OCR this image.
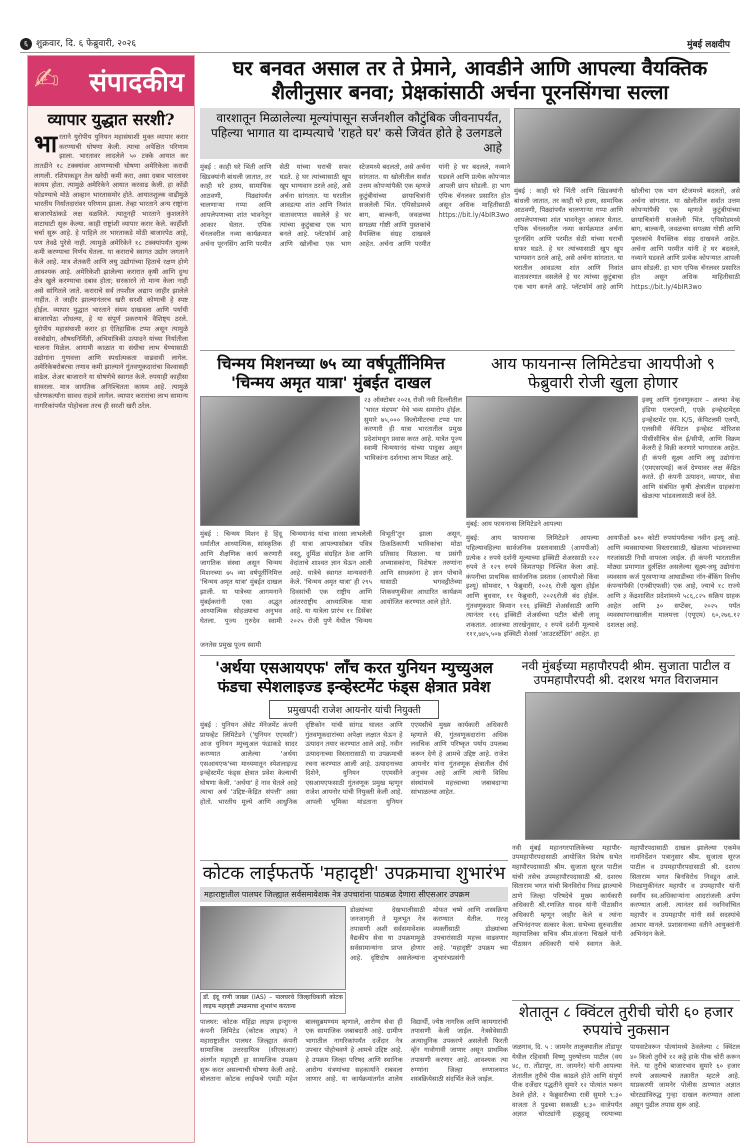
६ शुक्रवार, दि. ६ फेब्रुवारी, २०२६	मुंबई लक्षदीप
✍ संपादकीय
व्यापार युद्धात सरशी?
भारताने युरोपीय युनियन महासंघाशी मुक्त व्यापार करार करण्याची घोषणा केली. त्याचा अपेक्षित परिणाम झाला. भारतावर लादलेले ५० टक्के आयात कर तातडीने १८ टक्क्यांवर आणण्याची घोषणा अमेरिकेला करावी लागली. रशियाकडून तेल खरेदी कमी करा, असा दबाव भारतावर कायम होता. त्यामुळे अमेरिकेने आयात करवाढ केली. हा कोंडी फोडण्याचे मोठे आव्हान भारतासमोर होते. आयातशुल्क वाढीमुळे भारतीय निर्यातदारांवर परिणाम झाला. तेव्हा भारताने अन्य राष्ट्रांना बाजारपेठांकडे लक्ष वळविले. त्यातूनही भारताने कुशलतेने वाटाघाटी सुरू केल्या. काही राष्ट्रांशी व्यापार करार केले. काहींशी चर्चा सुरू आहे. हे पाहिले तर भारताकडे मोठी बाजारपेठ आहे, पण तेवढे पुरेसे नाही. त्यामुळे अमेरिकेने १८ टक्क्यांपर्यंत शुल्क कमी करण्याचा निर्णय घेतला. या कराराचे स्वागत उद्योग जगताने केले आहे. मात्र शेतकरी आणि लघु उद्योगांच्या हिताचे रक्षण होणे आवश्यक आहे. अमेरिकेशी झालेल्या करारात कृषी आणि दुग्ध क्षेत्र खुले करण्याचा दबाव होता; सरकारने तो मान्य केला नाही असे सांगितले जाते. कराराचे सर्व तपशील अद्याप जाहीर झालेले नाहीत. ते जाहीर झाल्यानंतरच खरी सरशी कोणाची हे स्पष्ट होईल. व्यापार युद्धात भारताने संयम दाखवला आणि पर्यायी बाजारपेठा शोधल्या, हे या संपूर्ण प्रकरणाचे वैशिष्ट्य ठरले. युरोपीय महासंघाशी करार हा ऐतिहासिक टप्पा असून त्यामुळे वस्त्रोद्योग, औषधनिर्मिती, अभियांत्रिकी उत्पादने यांच्या निर्यातीला चालना मिळेल. आगामी काळात या संधीचा लाभ घेण्यासाठी उद्योगांना गुणवत्ता आणि स्पर्धात्मकता वाढवावी लागेल. अमेरिकेबरोबरचा तणाव कमी झाल्याने गुंतवणूकदारांचा विश्वासही वाढेल. शेअर बाजाराने या घोषणेचे स्वागत केले. रुपयाही काहीसा सावरला. मात्र जागतिक अनिश्चितता कायम आहे. त्यामुळे धोरणकर्त्यांना सावध राहावे लागेल. व्यापार करारांचा लाभ सामान्य नागरिकांपर्यंत पोहोचला तरच ही सरशी खरी ठरेल.
घर बनवत असाल तर ते प्रेमाने, आवडीने आणि आपल्या वैयक्तिक शैलीनुसार बनवा; प्रेक्षकांसाठी अर्चना पूरनसिंगचा सल्ला
वारशातून मिळालेल्या मूल्यांपासून सर्जनशील कौटुंबिक जीवनापर्यंत, पहिल्या भागात या दाम्पत्याचे 'राहते घर' कसे जिवंत होते हे उलगडले आहे
मुंबई : काही घरे भिंती आणि खिडक्यांनी बांधली जातात, तर काही घरे हास्य, सामायिक आठवणी, पिढ्यांपर्यंत चालणाऱ्या गप्पा आणि आपलेपणाच्या शांत भावनेतून आकार घेतात. एपिक चॅनलवरील नव्या कार्यक्रमात अर्चना पूरनसिंग आणि परमीत सेठी यांच्या घराची सफर घडते. हे घर त्यांच्यासाठी खूप खूप भाग्यवान ठरले आहे, असे अर्चना सांगतात. या घरातील आवडत्या शांत आणि निवांत वातावरणात वसलेले हे घर त्यांच्या कुटुंबाचा एक भाग बनले आहे. प्लॅटफॉर्म आहे आणि खोलीचा एक भाग स्टेजमध्ये बदलतो, असे अर्चना सांगतात. या खोलीतील सर्वात उत्तम कोपऱ्यांपैकी एक म्हणजे कुटुंबीयांच्या छायाचित्रांनी सजलेली भिंत. एपिसोडमध्ये बाग, बाल्कनी, जवळच्या सगळ्या गोष्टी आणि पुस्तकांचे वैयक्तिक संग्रह दाखवले आहेत. अर्चना आणि परमीत यांनी हे घर बदलले, नव्याने घडवले आणि प्रत्येक कोपऱ्यात आपली छाप सोडली. हा भाग एपिक चॅनलवर प्रसारित होत असून अधिक माहितीसाठी https://bit.ly/4bIR3wo
मुंबई : काही घरे भिंती आणि खिडक्यांनी बांधली जातात, तर काही घरे हास्य, सामायिक आठवणी, पिढ्यांपर्यंत चालणाऱ्या गप्पा आणि आपलेपणाच्या शांत भावनेतून आकार घेतात. एपिक चॅनलवरील नव्या कार्यक्रमात अर्चना पूरनसिंग आणि परमीत सेठी यांच्या घराची सफर घडते. हे घर त्यांच्यासाठी खूप खूप भाग्यवान ठरले आहे, असे अर्चना सांगतात. या घरातील आवडत्या शांत आणि निवांत वातावरणात वसलेले हे घर त्यांच्या कुटुंबाचा एक भाग बनले आहे. प्लॅटफॉर्म आहे आणि खोलीचा एक भाग स्टेजमध्ये बदलतो, असे अर्चना सांगतात. या खोलीतील सर्वात उत्तम कोपऱ्यांपैकी एक म्हणजे कुटुंबीयांच्या छायाचित्रांनी सजलेली भिंत. एपिसोडमध्ये बाग, बाल्कनी, जवळच्या सगळ्या गोष्टी आणि पुस्तकांचे वैयक्तिक संग्रह दाखवले आहेत. अर्चना आणि परमीत यांनी हे घर बदलले, नव्याने घडवले आणि प्रत्येक कोपऱ्यात आपली छाप सोडली. हा भाग एपिक चॅनलवर प्रसारित होत असून अधिक माहितीसाठी https://bit.ly/4bIR3wo
चिन्मय मिशनच्या ७५ व्या वर्षपूर्तीनिमित्त 'चिन्मय अमृत यात्रा' मुंबईत दाखल
२३ ऑक्टोबर २०२६ रोजी नवी दिल्लीतील 'भारत मंडपम' येथे भव्य समारोप होईल. सुमारे ७५,००० किलोमीटरचा टप्पा पार करणारी ही यात्रा भारतातील प्रमुख प्रदेशांमधून प्रवास करत आहे. यात्रेत पूज्य स्वामी चिन्मयानंद यांच्या पादुका असून भाविकांना दर्शनाचा लाभ मिळत आहे.
मुंबई : चिन्मय मिशन हे हिंदू धर्मातील आध्यात्मिक, सांस्कृतिक आणि शैक्षणिक कार्य करणारी जागतिक संस्था असून चिन्मय मिशनच्या ७५ व्या वर्षपूर्तीनिमित्त 'चिन्मय अमृत यात्रा' मुंबईत दाखल झाली. या यात्रेच्या आगमनाने मुंबईकरांनी एका अद्भुत आध्यात्मिक सोहळ्याचा अनुभव घेतला. पूज्य गुरुदेव स्वामी चिन्मयानंद यांचा वारसा लाभलेली ही यात्रा आपल्यासोबत पवित्र वस्तू, दुर्मिळ संग्रहित ठेवा आणि वेदांताचे शाश्वत ज्ञान घेऊन आली आहे. यात्रेचे स्वागत मान्यवरांनी केले. 'चिन्मय अमृत यात्रा' ही २९५ दिवसांची एक राष्ट्रीय आणि आंतरराष्ट्रीय आध्यात्मिक यात्रा आहे. या यात्रेला प्रारंभ ११ डिसेंबर २०२५ रोजी पुणे येथील 'चिन्मय विभूती'तून झाला असून, ठिकठिकाणी भाविकांचा मोठा प्रतिसाद मिळाला. या प्रसंगी अभ्यासकांना, विशेषतः तरुणांना आणि साधकांना हे ज्ञान पोचावे यासाठी भगवद्गीतेच्या शिकवणुकीवर आधारित कार्यक्रम आयोजित करण्यात आले होते.
जनतेस प्रमुख पूज्य स्वामी
आय फायनान्स लिमिटेडचा आयपीओ ९ फेब्रुवारी रोजी खुला होणार
मुंबई: आय फायनान्स लिमिटेडने आपल्या
इक्यू आणि गुंतवणूकदार – अल्फा वेव्ह इंडिया एलएलपी, एएक्रे इन्व्हेस्टमेंट्स इन्व्हेस्टमेंट एस. K/S, कॅपिटलमी एलपी, एलसीवी कॅपिटल इन्व्हेस्ट मॉरिशस पीसीसीचित्र सेल ई/सीपी, आणि विक्रम केलरी हे विक्री करणारे भागधारक आहेत. ही कंपनी सूक्ष्म आणि लघु उद्योगांना (एमएसएमई) कर्ज देण्यावर लक्ष केंद्रित करते. ही कंपनी उत्पादन, व्यापार, सेवा आणि संबंधित कृषी क्षेत्रातील ग्राहकांना खेळत्या भांडवलासाठी कर्ज देते.
मुंबई: आय फायनान्स लिमिटेडने आपल्या पहिल्यावहिल्या सार्वजनिक प्रस्तावासाठी (आयपीओ) प्रत्येक २ रुपये दर्शनी मूल्याच्या इक्विटी शेअरसाठी १२२ रुपये ते १२९ रुपये किंमतपट्टा निश्चित केला आहे. कंपनीचा प्राथमिक सार्वजनिक प्रस्ताव (आयपीओ किंवा इश्यू) सोमवार, ९ फेब्रुवारी, २०२६ रोजी खुला होईल आणि बुधवार, ११ फेब्रुवारी, २०२६रोजी बंद होईल. गुंतवणूकदार किमान ११६ इक्विटी शेअर्ससाठी आणि त्यानंतर ११६ इक्विटी शेअर्सच्या पटीत बोली लावू शकतात. आजच्या तारखेनुसार, २ रुपये दर्शनी मूल्याचे १११,७४५,५०७ इक्विटी शेअर्स 'आउटस्टँडिंग' आहेत. हा आयपीओ ७१० कोटी रुपयांपर्यंतचा नवीन इश्यू आहे. आणि व्यवसायाच्या विस्तारासाठी, खेळत्या भांडवलाच्या गरजांसाठी निधी वापरला जाईल. ही कंपनी भारतातील मोठ्या प्रमाणात दुर्लक्षित असलेल्या सूक्ष्म-लघु उद्योगांना व्यवसाय कर्ज पुरवणाऱ्या आघाडीच्या नॉन-बँकिंग वित्तीय कंपन्यांपैकी (एनबीएफसी) एक आहे, ज्याचे १८ राज्ये आणि ३ केंद्रशासित प्रदेशांमध्ये ५८६,८२५ सक्रिय ग्राहक आहेत आणि ३० सप्टेंबर, २०२५ पर्यंत व्यवस्थापनाखालील मालमत्ता (एयूएम) ६०,२७६.१२ दशलक्ष आहे.
'अर्थया एसआयएफ' लॉंच करत युनियन म्युच्युअल फंडचा स्पेशलाइज्ड इन्व्हेस्टमेंट फंड्स क्षेत्रात प्रवेश
प्रमुखपदी राजेश आयनोर यांची नियुक्ती
मुंबई : युनियन ॲसेट मॅनेजमेंट कंपनी प्रायव्हेट लिमिटेडने ('युनियन एएमसी') आज युनियन म्युच्युअल फंडाकडे सादर करण्यात आलेल्या 'अर्थया एसआयएफ'च्या माध्यमातून स्पेशलाइज्ड इन्व्हेस्टमेंट फंड्स क्षेत्रात प्रवेश केल्याची घोषणा केली. 'अर्थया' हे नाव घेतले आहे त्याचा अर्थ 'उद्दिष्ट-केंद्रित संपत्ती' असा होतो. भारतीय मूल्ये आणि आधुनिक दृष्टिकोन यांची सांगड घालत आणि गुंतवणूकदारांच्या अपेक्षा लक्षात घेऊन हे उत्पादन तयार करण्यात आले आहे. नवीन उत्पादनाच्या विस्तारासाठी या उपक्रमाची रचना करण्यात आली आहे. उत्पादनाच्या दिशेने, युनियन एएमसीने एसआयएफसाठी गुंतवणूक प्रमुख म्हणून राजेश आयनोर यांची नियुक्ती केली आहे. आपली भूमिका मांडताना युनियन एएमसीचे मुख्य कार्यकारी अधिकारी म्हणाले की, गुंतवणूकदारांना अधिक लवचिक आणि परिष्कृत पर्याय उपलब्ध करून देणे हे आमचे उद्दिष्ट आहे. राजेश आयनोर यांना गुंतवणूक क्षेत्रातील दीर्घ अनुभव आहे आणि त्यांनी विविध संस्थांमध्ये महत्त्वाच्या जबाबदाऱ्या सांभाळल्या आहेत.
नवी मुंबईच्या महापौरपदी श्रीम. सुजाता पाटील व उपमहापौरपदी श्री. दशरथ भगत विराजमान
नवी मुंबई महानगरपालिकेच्या महापौर- उपमहापौरपदासाठी आयोजित विशेष सभेत महापौरपदासाठी श्रीम. सुजाता सूरज पाटील यांची तसेच उपमहापौरपदासाठी श्री. दशरथ सिताराम भगत यांची बिनविरोध निवड झाल्याचे ठाणे जिल्हा परिषदेचे मुख्य कार्यकारी अधिकारी श्री.रणजित यादव यांनी पीठासीन अधिकारी म्हणून जाहीर केले व त्यांना अभिनंदनपर सत्कार केला. सभेच्या सुरुवातीस महापालिका सचिव श्रीम.संजना चिखले यांनी पीठासन अधिकारी यांचे स्वागत केले. महापौरपदासाठी दाखल झालेल्या एकमेव नामनिर्देशन पत्रानुसार श्रीम. सुजाता सूरज पाटील व उपमहापौरपदासाठी श्री. दशरथ सिताराम भगत बिनविरोध निवडून आले. निवडणुकीनंतर महापौर व उपमहापौर यांनी स्वर्गीय स्व.अधिकाऱ्यांना आदरांजली अर्पण करण्यात आली. त्यानंतर सर्व नवनिर्वाचित महापौर व उपमहापौर यांनी सर्व सदस्यांचे आभार मानले. प्रशासनाच्या वतीने आयुक्तांनी अभिनंदन केले.
कोटक लाईफतर्फे 'महादृष्टी' उपक्रमाचा शुभारंभ
महाराष्ट्रातील पालघर जिल्ह्यात सर्वसमावेशक नेत्र उपचारांना पाठबळ देणारा सीएसआर उपक्रम
डॉ. इंदू राणी जाखर (IAS) – पालघरचे जिल्हाधिकारी कोटक लाइफ महादृष्टी उपक्रमाचा शुभारंभ करताना
डोळ्यांच्या देखभालीसाठी जनजागृती ते मूलभूत नेत्र तपासणी अशी सर्वसमावेशक वैद्यकीय सेवा या उपक्रमामुळे सर्वसामान्यांना प्राप्त होणार आहे. दृष्टिदोष असलेल्यांना मोफत चष्मे आणि शस्त्रक्रिया करण्यात येतील. गरजू व्यक्तींसाठी डोळ्यांच्या उपचारांसाठी महत्त्व वाढवणार आहे. 'महादृष्टी' उपक्रम च्या शुभारंभप्रसंगी
पालघर: कोटक महिंद्रा लाइफ इन्शुरन्स कंपनी लिमिटेड (कोटक लाइफ) ने महाराष्ट्रातील पालघर जिल्ह्यात कंपनी सामाजिक उत्तरदायित्व (सीएसआर) अंतर्गत महादृष्टी हा सामाजिक उपक्रम सुरू करत असल्याची घोषणा केली आहे. बोलताना कोटक लाईफचे एमडी महेश बालसुब्रमण्यम म्हणाले, आरोग्य सेवा ही एक सामाजिक जबाबदारी आहे. ग्रामीण भागातील नागरिकांपर्यंत दर्जेदार नेत्र उपचार पोहोचवणे हे आमचे उद्दिष्ट आहे. हे उपक्रम जिल्हा परिषद आणि स्थानिक आरोग्य यंत्रणांच्या सहकार्याने राबवला जाणार आहे. या कार्यक्रमांतर्गत शालेय विद्यार्थी, ज्येष्ठ नागरिक आणि कामगारांची तपासणी केली जाईल. नेत्रसेवेसाठी अत्याधुनिक उपकरणे असलेली फिरती व्हॅन गावोगावी जाणार असून प्राथमिक तपासणी करणार आहे. आवश्यक त्या रुग्णांना जिल्हा रुग्णालयात शस्त्रक्रियेसाठी संदर्भित केले जाईल.
शेतातून ८ क्विंटल तुरीची चोरी ६० हजार रुपयांचे नुकसान
जळगाव, दि. ५ : जामनेर तालुक्यातील तोंडापूर येथील रहिवासी विष्णू पुरुषोत्तम पाटील (वय ४८, रा. तोंडापूर, ता. जामनेर) यांनी आपल्या शेतातील तुरीचे पीक काढले होते आणि संपूर्ण पीक दर्जेदार पद्धतीने सुमारे १२ पोत्यांत भरून ठेवले होते. २ फेब्रुवारीच्या रात्री सुमारे ९:३० वाजता ते पुढच्या सकाळी ६:३० वाजेपर्यंत अज्ञात चोरट्यांनी हळूहळू रस्त्याच्या पायवाटेवरून पोत्यांमध्ये ठेवलेल्या ८ क्विंटल ४० किलो तुरीचे १२ कट्टे हाके पीक चोरी करून नेले. या तुरीचे बाजारभाव सुमारे ६० हजार रुपये असल्याचे तक्रारीत म्हटले आहे. याप्रकरणी जामनेर पोलीस ठाण्यात अज्ञात चोरट्यांविरुद्ध गुन्हा दाखल करण्यात आला असून पुढील तपास सुरू आहे.
